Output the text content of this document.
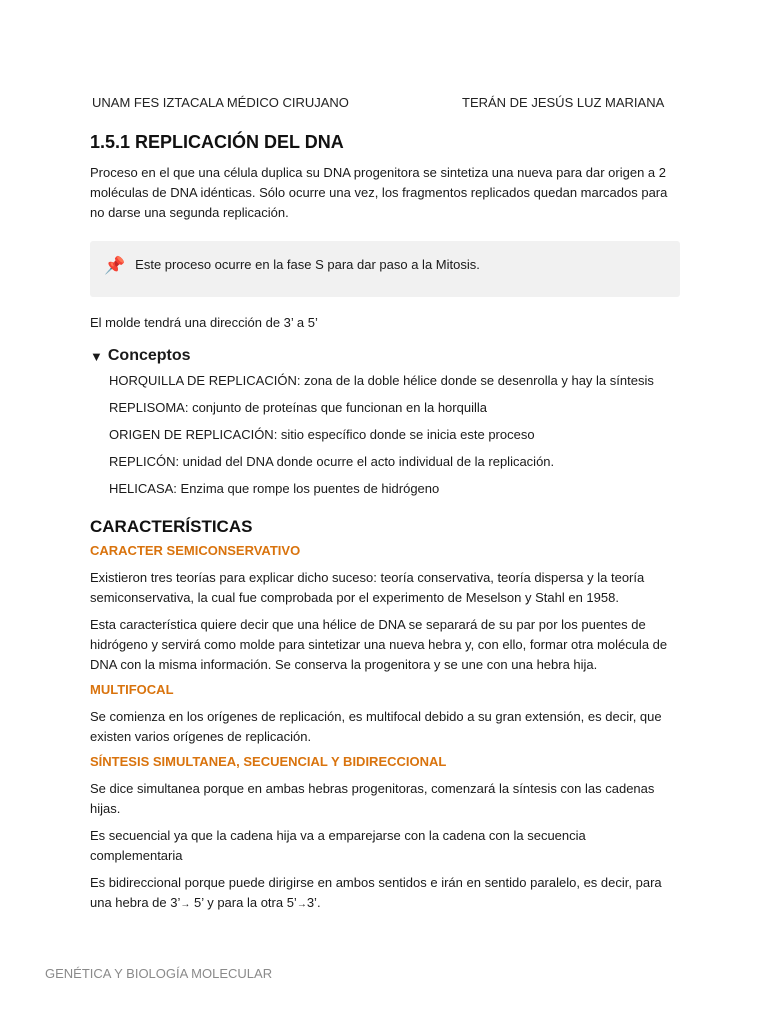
UNAM FES IZTACALA MÉDICO CIRUJANO	TERÁN DE JESÚS LUZ MARIANA
1.5.1 REPLICACIÓN DEL DNA

Proceso en el que una célula duplica su DNA progenitora se sintetiza una nueva para dar origen a 2 moléculas de DNA idénticas. Sólo ocurre una vez, los fragmentos replicados quedan marcados para no darse una segunda replicación.

📌 Este proceso ocurre en la fase S para dar paso a la Mitosis.

El molde tendrá una dirección de 3’ a 5’

▼ Conceptos
HORQUILLA DE REPLICACIÓN: zona de la doble hélice donde se desenrolla y hay la síntesis
REPLISOMA: conjunto de proteínas que funcionan en la horquilla
ORIGEN DE REPLICACIÓN: sitio específico donde se inicia este proceso
REPLICÓN: unidad del DNA donde ocurre el acto individual de la replicación.
HELICASA: Enzima que rompe los puentes de hidrógeno
CARACTERÍSTICAS
CARACTER SEMICONSERVATIVO

Existieron tres teorías para explicar dicho suceso: teoría conservativa, teoría dispersa y la teoría semiconservativa, la cual fue comprobada por el experimento de Meselson y Stahl en 1958.

Esta característica quiere decir que una hélice de DNA se separará de su par por los puentes de hidrógeno y servirá como molde para sintetizar una nueva hebra y, con ello, formar otra molécula de DNA con la misma información. Se conserva la progenitora y se une con una hebra hija.

MULTIFOCAL

Se comienza en los orígenes de replicación, es multifocal debido a su gran extensión, es decir, que existen varios orígenes de replicación.

SÍNTESIS SIMULTANEA, SECUENCIAL Y BIDIRECCIONAL

Se dice simultanea porque en ambas hebras progenitoras, comenzará la síntesis con las cadenas hijas.

Es secuencial ya que la cadena hija va a emparejarse con la cadena con la secuencia complementaria

Es bidireccional porque puede dirigirse en ambos sentidos e irán en sentido paralelo, es decir, para una hebra de 3’→ 5’ y para la otra 5’→3’.

GENÉTICA Y BIOLOGÍA MOLECULAR
